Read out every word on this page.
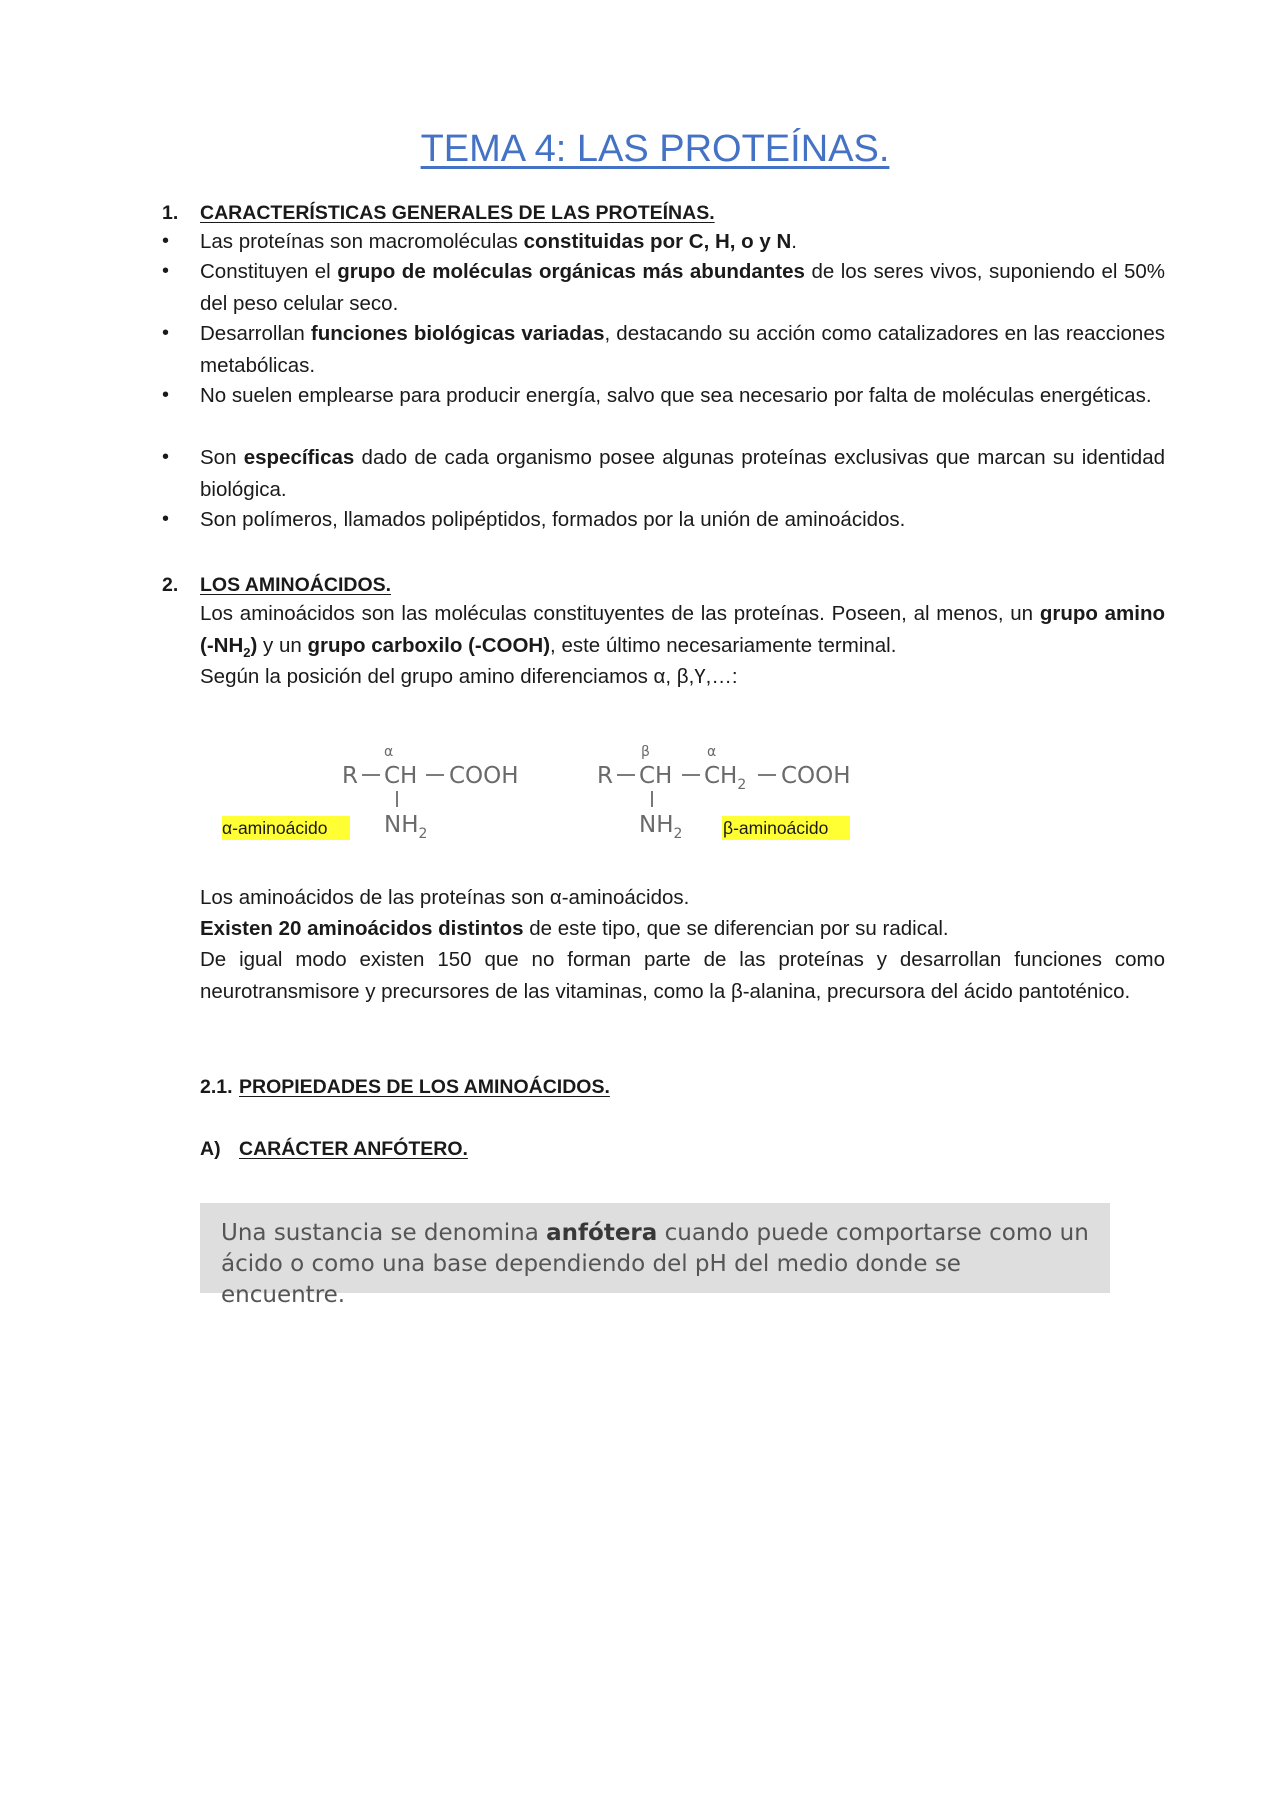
TEMA 4: LAS PROTEÍNAS.
1. CARACTERÍSTICAS GENERALES DE LAS PROTEÍNAS.
• Las proteínas son macromoléculas constituidas por C, H, o y N.
• Constituyen el grupo de moléculas orgánicas más abundantes de los seres vivos, suponiendo el 50% del peso celular seco.
• Desarrollan funciones biológicas variadas, destacando su acción como catalizadores en las reacciones metabólicas.
• No suelen emplearse para producir energía, salvo que sea necesario por falta de moléculas energéticas.
• Son específicas dado de cada organismo posee algunas proteínas exclusivas que marcan su identidad biológica.
• Son polímeros, llamados polipéptidos, formados por la unión de aminoácidos.
2. LOS AMINOÁCIDOS.
Los aminoácidos son las moléculas constituyentes de las proteínas. Poseen, al menos, un grupo amino $(-NH_2)$ y un grupo carboxilo (-COOH), este último necesariamente terminal.
Según la posición del grupo amino diferenciamos α, β,Ү,…:
α
R CH COOH
$NH_2$
α-aminoácido
β	α
R CH $CH_2$ COOH
$NH_2$ β-aminoácido
Los aminoácidos de las proteínas son α-aminoácidos.
Existen 20 aminoácidos distintos de este tipo, que se diferencian por su radical.
De igual modo existen 150 que no forman parte de las proteínas y desarrollan funciones como neurotransmisore y precursores de las vitaminas, como la β-alanina, precursora del ácido pantoténico.
2.1. PROPIEDADES DE LOS AMINOÁCIDOS.
A) CARÁCTER ANFÓTERO.
Una sustancia se denomina anfótera cuando puede comportarse como un ácido o como una base dependiendo del pH del medio donde se encuentre.
